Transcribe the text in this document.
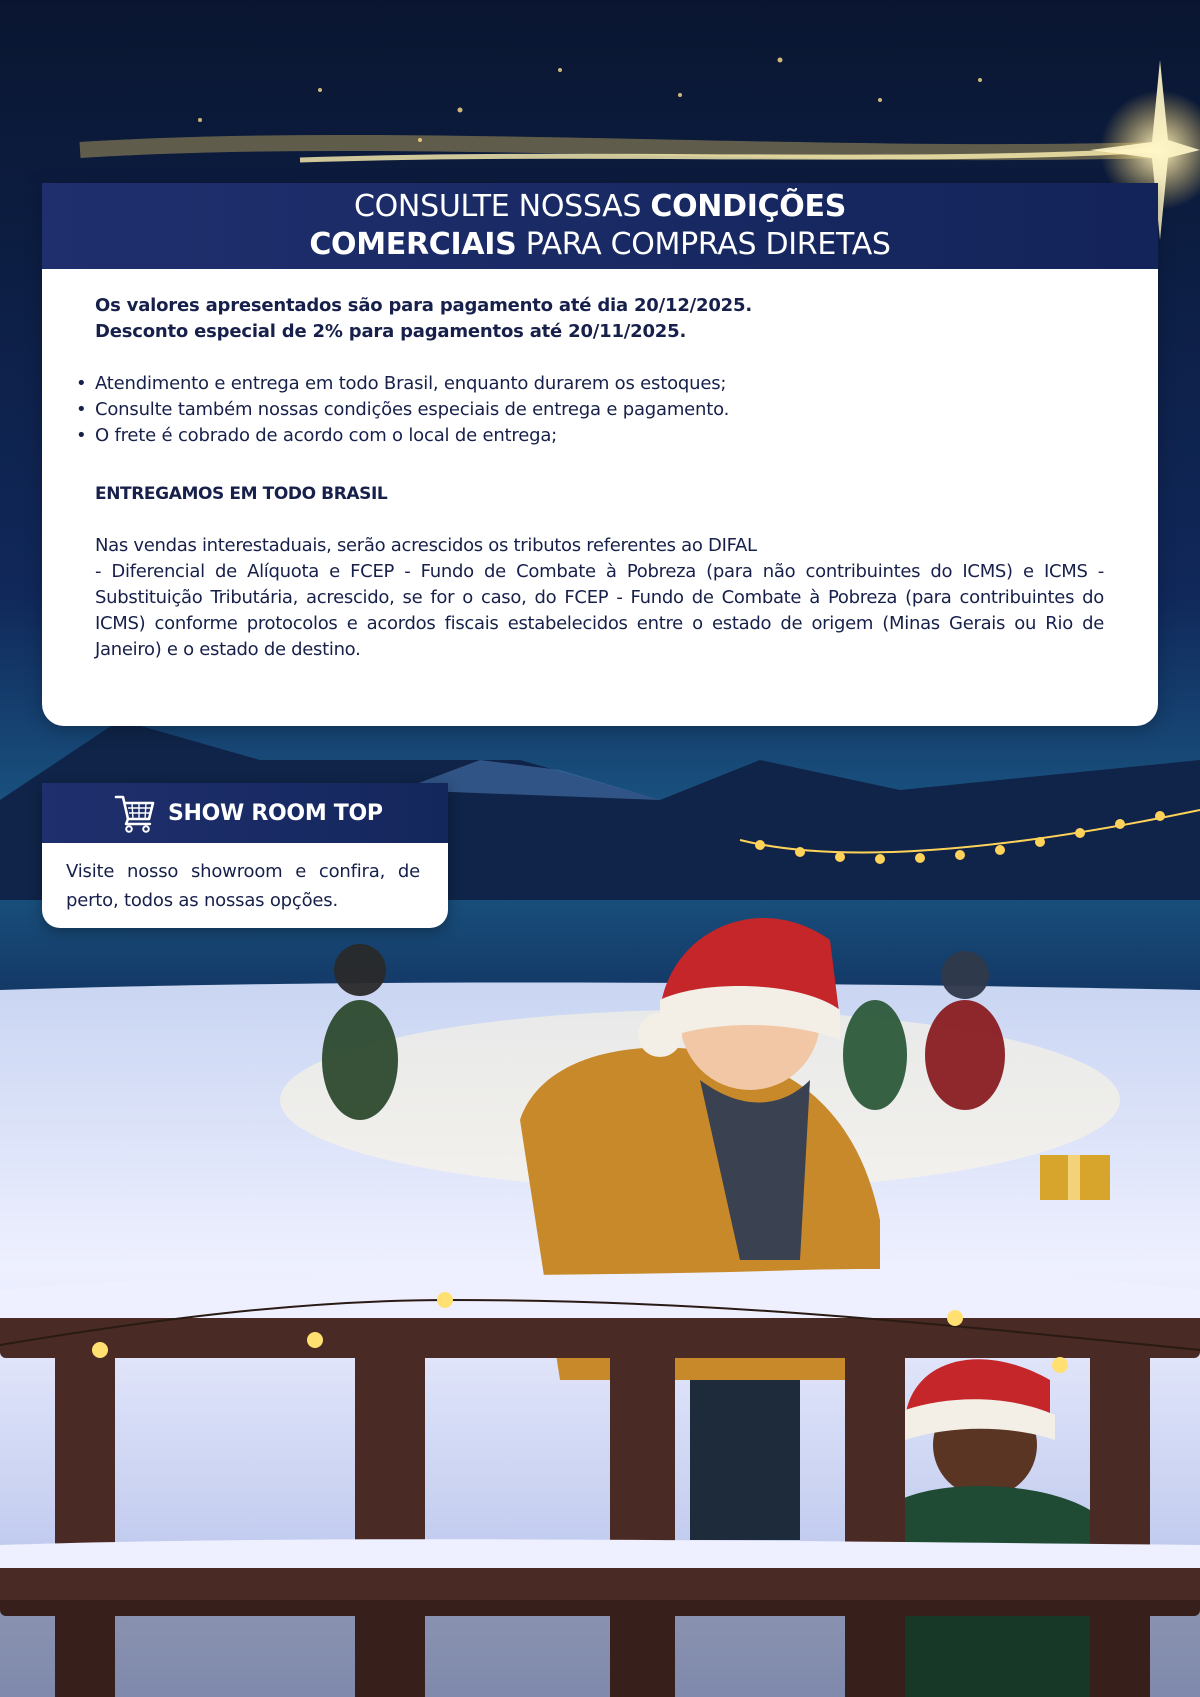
CONSULTE NOSSAS CONDIÇÕES
COMERCIAIS PARA COMPRAS DIRETAS
Os valores apresentados são para pagamento até dia 20/12/2025.
Desconto especial de 2% para pagamentos até 20/11/2025.
• Atendimento e entrega em todo Brasil, enquanto durarem os estoques;
• Consulte também nossas condições especiais de entrega e pagamento.
• O frete é cobrado de acordo com o local de entrega;
ENTREGAMOS EM TODO BRASIL
Nas vendas interestaduais, serão acrescidos os tributos referentes ao DIFAL
- Diferencial de Alíquota e FCEP - Fundo de Combate à Pobreza (para não contribuintes do ICMS) e ICMS - Substituição Tributária, acrescido, se for o caso, do FCEP - Fundo de Combate à Pobreza (para contribuintes do ICMS) conforme protocolos e acordos fiscais estabelecidos entre o estado de origem (Minas Gerais ou Rio de Janeiro) e o estado de destino.
SHOW ROOM TOP
Visite nosso showroom e confira, de perto, todos as nossas opções.
